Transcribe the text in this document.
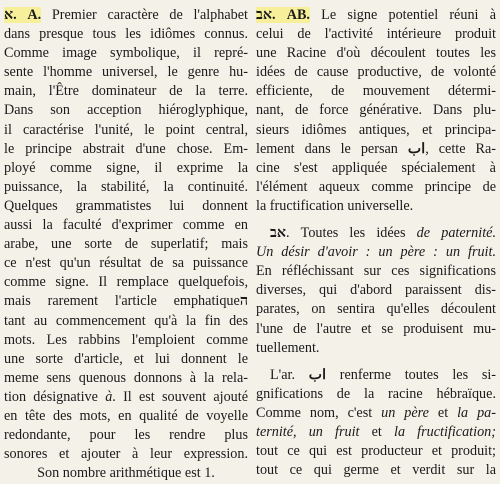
א. A. Premier caractère de l'alphabet
dans presque tous les idiômes connus.
Comme image symbolique, il repré-
sente l'homme universel, le genre hu-
main, l'Être dominateur de la terre.
Dans son acception hiéroglyphique,
il caractérise l'unité, le point central,
le principe abstrait d'une chose. Em-
ployé comme signe, il exprime la
puissance, la stabilité, la continuité.
Quelques grammatistes lui donnent
aussi la faculté d'exprimer comme en
arabe, une sorte de superlatif; mais
ce n'est qu'un résultat de sa puissance
comme signe. Il remplace quelquefois,
mais rarement l'article emphatiqueה
tant au commencement qu'à la fin des
mots. Les rabbins l'emploient comme
une sorte d'article, et lui donnent le
meme sens quenous donnons à la rela-
tion désignative à. Il est souvent ajouté
en tête des mots, en qualité de voyelle
redondante, pour les rendre plus
sonores et ajouter à leur expression.
Son nombre arithmétique est 1.
אב. AB. Le signe potentiel réuni à
celui de l'activité intérieure produit
une Racine d'où découlent toutes les
idées de cause productive, de volonté
efficiente, de mouvement détermi-
nant, de force générative. Dans plu-
sieurs idiômes antiques, et principa-
lement dans le persan اب, cette Ra-
cine s'est appliquée spécialement à
l'élément aqueux comme principe de
la fructification universelle.
אב. Toutes les idées de paternité.
Un désir d'avoir : un père : un fruit.
En réfléchissant sur ces significations
diverses, qui d'abord paraissent dis-
parates, on sentira qu'elles découlent
l'une de l'autre et se produisent mu-
tuellement.
L'ar. اب renferme toutes les si-
gnifications de la racine hébraïque.
Comme nom, c'est un père et la pa-
ternité, un fruit et la fructification;
tout ce qui est producteur et produit;
tout ce qui germe et verdit sur la
